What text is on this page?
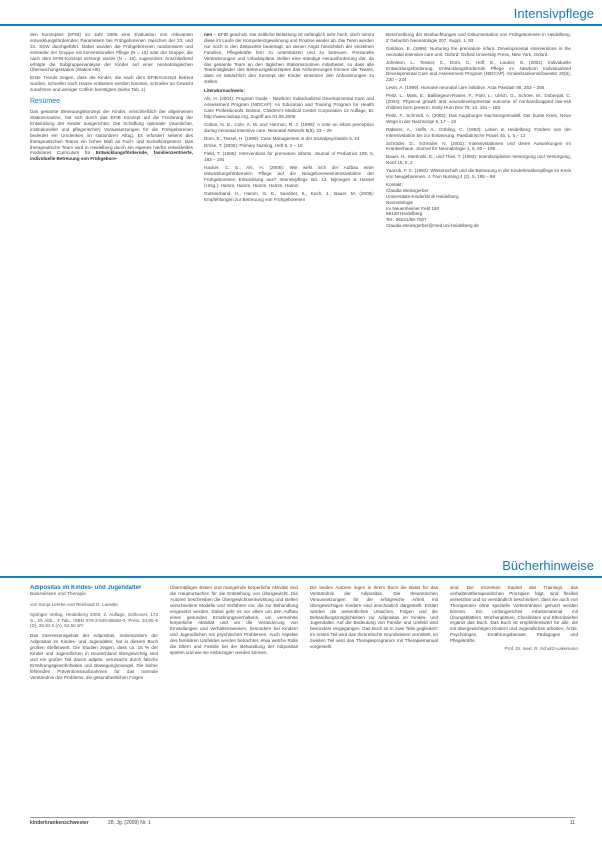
Intensivpflege

den Konzeptes (EFIB) im Jahr 2006 eine Evaluation von relevanten entwicklungsfördernden Parametern bei Frühgeborenen zwischen der 23. und 34. SSW durchgeführt. Dabei wurden die Frühgeborenen randomisiert und entweder der Gruppe mit konventioneller Pflege (N = 15) oder der Gruppe, die nach dem EFIB-Konzept versorgt wurde (N = 15), zugeordnet. Anschließend erfolgte die Subgruppenanalyse der Kinder auf einer neonatologischen Überwachungsstation (Station H9).

Erste Trends zeigen, dass die Kinder, die nach dem EFIB-Konzept betreut wurden, schneller nach Hause entlassen werden konnten, schneller an Gewicht zunahmen und weniger Coffein benötigten (siehe Tab. 1).

Resümee

Das gesamte Betreuungskonzept der Kinder, einschließlich der allgemeinen Stationsroutine, hat sich durch das EFIB Konzept auf die Förderung der Entwicklung der Kinder ausgerichtet. Die Schaffung optimaler (räumlicher, institutioneller und pflegerischer) Voraussetzungen für die Frühgeborenen bedeutet ein Umdenken im stationären Alltag. Es erfordert seitens des therapeutischen Teams ein hohes Maß an Fach- und Sozialkompetenz. Das therapeutische Team wird in Heidelberg durch ein eigenes hierfür entwickeltes modulares Curriculum für Entwicklungsfördernde, familienzentrierte, individuelle Betreuung von Frühgebore-

nen – EFIB geschult. Die zeitliche Belastung ist anfänglich sehr hoch, doch nimmt diese im Laufe der Kompetenzgewinnung und Routine wieder ab. Die Team werden nur noch in den Zeitpunkte beantragt, an denen Angst hinsichtlich der einzelnen Familien, Pflegekräfte fern zu unterstützen und zu betreuen. Personelle Veränderungen und Urlaubspläne stellen eine ständige Herausforderung dar, da das gesamte Team an den täglichen Stationsroutinen mitarbeitet, so dass alle Teammitglieder des Betreuungskonzeptes das Anforderungen können die Teams, dass es tatsächlich den Konzept der Kinder einsetzen den Anforderungen zu stellen.

Literaturnachweis:
Als, H. (2004): Program Guide - Newborn Individualized Developmental Care and Assessment Program (NIDCAP): An Education and Training Program for Health Care Professionals. Boston, Children's Medical Center Corporation 12 Auflage, Bl. http://www.nidcap.org, Zugriff am 01.08.2006
Colton, N. E., Cole, A. M. and Harmon, R. J. (1989): A note on infant perception during neonatal intensive care. Neonatal Network 8(5), 23 – 25
Dorn, E., Tessel, H. (1999): Case Management in der Sozialpsychiatrie 5, 24
Dröse, T. (2000): Primary Nursing, Heft 5, 2 – 10
Field, T. (1986): Interventions for premature infants. Journal of Pediatrics 109, 5, 183 – 191
Hacker, C. E., Als, H. (2005): Wie wirkt sich der Aufbau einer entwicklungsfördernden Pflege auf die Neugeborenenintensivstation der Frühgeborenen Entwicklung aus? Intensivpflege Bd. 13, Nijmegen & Hansel (Hrsg.): Hamm, Hamm, Hamm, Hamm, Hamm
Gutsverband, H., Hamm, G. E., Sandner, K., Koch, J., Bauer, M. (2008): Empfehlungen zur Betreuung von Frühgeborenen
Beschreibung der Beobachtungen und Dokumentation von Frühgeborenen in Heidelberg. Z Geburtsh Neonatologie 207, Suppl. 1, 93
Goldson, E. (1999): Nurturing the premature infant. Developmental interventions in the neonatal intensive care unit. Oxford: Oxford University Press, New York, Oxford.
Johnston, L., Tessier, C., Dorn, C., Hoff, E., Lauber, G. (2001): Individuelle Entwicklungsförderung, Entwicklungsfördernde Pflege im Newborn Individualized Developmental Care and Assessment Program (NIDCAP). Kinderkrankenschwester 20(6), 230 – 234
Levin, A. (1999): Humane neonatal care initiative. Acta Paediatr 88, 353 – 355
Peitz, L., Mast, E., Baillargeon-Rosier, F., Pahl, L., Ulrich, G., Schöer, M., Doberpal, C. (2004): Physical growth and neurodevelopmental outcome of nonhandicapped low-risk children born preterm. Early Hum Dev 79, 10, 151 – 163
Peitz, F., Schmidt, A. (2002): Das Augsburger Nachsorgemodell. Der bunte Kreis, Neue Wege in der Nachsorge 5, 17 – 18
Räberer, A., Hoffs, A., Döhling, C. (1993): Leben in Heidelberg: Fördern von der Intensivstation bis zur Entlassung. Paediatrische Praxis 45, 1, 5 – 13
Schröder, D., Schröder, N. (2001): Intensivstationen und deren Auswirkungen im Krankenhaus. Journal für Neonatologie 1, 5, 90 – 105
Bauer, H., Mertinski, E., und Thiel, T. (1993): Interdisziplinäre Versorgung und Versorgung, Nord 15, 5, 2
Yaacob, F. C. (1993): Wissenschaft und die Betreuung in der Kinderkrankenpflege im Kreis von Neugeborenen. J. Fam Nursing 4 (2), 5, 195 – 99
Kontakt:
Claudia Weissgerber
Universitäts-Kinderklinik Heidelberg
Neonatologie
Im Neuenheimer Feld 150
69120 Heidelberg
Tel.: 06221/56-7507
Claudia.Weissgerber@med.uni-heidelberg.de
Bücherhinweise
Adipositas im Kindes- und Jugendalter
Basiswissen und Therapie
von Sonja Lehrke und Reinhard G. Laessle
Springer Verlag, Heidelberg 2009, 2. Auflage, Softcover, 172 S., 25 Abb., 3 Tab., ISBN 978-3-540-85550-0, Preis: 34,95 € (D), 35,93 € (A), 54,50 sFr

Das Interessensgebiet der Adipositas, insbesondere der Adipositas im Kindes- und Jugendalter, hat in diesem Buch großen Stellenwert. Die Studien zeigen, dass ca. 15 % der Kinder und Jugendlichen in Deutschland übergewichtig sind und ein großer Teil davon adipös, verursacht durch falsche Ernährungsgewohnheiten und Bewegungsmangel. Die bisher fehlenden Präventionsmaßnahmen für das normale Verständnis des Problems, die gesundheitlichen Folgen

Übermäßiges Essen und mangelnde körperliche Aktivität sind die Hauptursachen für die Entstehung von Übergewicht. Die Autoren beschreiben die Übergewichtsentwicklung und stellen verschiedene Modelle und Verfahren vor, die zur Behandlung eingesetzt werden. Dabei geht es vor allem um den Aufbau eines gesunden Ernährungsverhaltens, um vermehrte körperliche Aktivität und um die Veränderung von Einstellungen und Verhaltensweisen, besonders bei Kindern und Jugendlichen mit psychischen Problemen. Auch Aspekte des familiären Umfeldes werden betrachtet, etwa welche Rolle die Eltern und Familie bei der Behandlung der Adipositas spielen und wie sie einbezogen werden können.

Die beiden Autoren legen in ihrem Buch die Basis für das Verständnis der Adipositas. Die theoretischen Voraussetzungen für die erfolgreiche Arbeit mit übergewichtigen Kindern sind anschaulich dargestellt. Erklärt werden die wesentlichen Ursachen, Folgen und die Behandlungsmöglichkeiten zur Adipositas im Kindes- und Jugendalter. Auf die Bedeutung von Familie und Umfeld wird besonders eingegangen. Das Buch ist in zwei Teile gegliedert: Im ersten Teil wird das theoretische Grundwissen vermittelt, im zweiten Teil wird das Therapieprogramm mit Therapiemanual vorgestellt.

sind. Die einzelnen Kapitel des Trainings, das verhaltenstherapeutischen Prinzipien folgt, sind flexibel einsetzbar und so verständlich beschrieben, dass sie auch von Therapeuten ohne spezielle Vorkenntnisse genutzt werden können. Ein umfangreiches Arbeitsmaterial mit Übungsblättern, Wochenplänen, Checklisten und Elternbriefen ergänzt das Buch. Das Buch ist empfehlenswert für alle, die mit übergewichtigen Kindern und Jugendlichen arbeiten, Ärzte, Psychologen, Ernährungsberater, Pädagogen und Pflegekräfte.

Prof. Dr. med. R. Schultz-Lakemann
kinderkrankenschwester	28. Jg. (2009) Nr. 1	11
